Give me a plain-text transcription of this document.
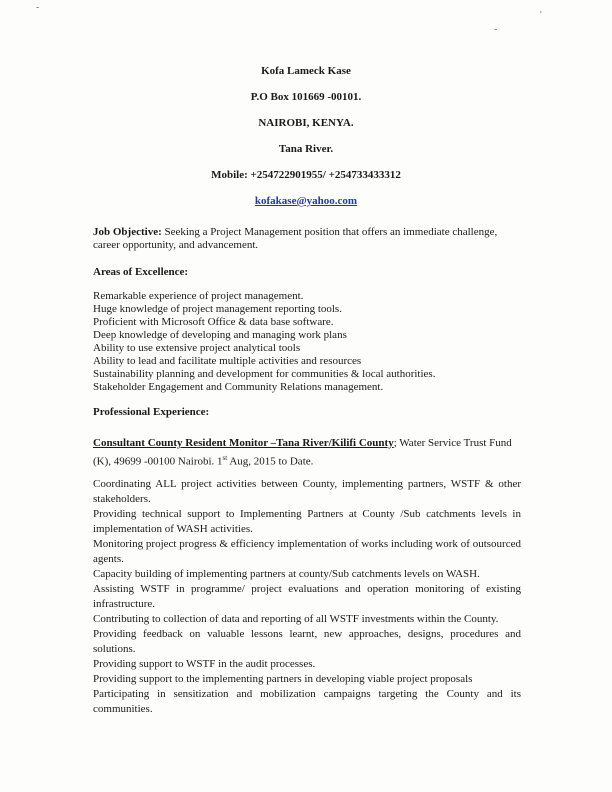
-
-
'
Kofa Lameck Kase
P.O Box 101669 -00101.
NAIROBI, KENYA.
Tana River.
Mobile: +254722901955/ +254733433312
kofakase@yahoo.com
Job Objective: Seeking a Project Management position that offers an immediate challenge, career opportunity, and advancement.
Areas of Excellence:
Remarkable experience of project management.
Huge knowledge of project management reporting tools.
Proficient with Microsoft Office & data base software.
Deep knowledge of developing and managing work plans
Ability to use extensive project analytical tools
Ability to lead and facilitate multiple activities and resources
Sustainability planning and development for communities & local authorities.
Stakeholder Engagement and Community Relations management.
Professional Experience:
Consultant County Resident Monitor –Tana River/Kilifi County; Water Service Trust Fund (K), 49699 -00100 Nairobi. 1st Aug, 2015 to Date.
Coordinating ALL project activities between County, implementing partners, WSTF & other stakeholders.
Providing technical support to Implementing Partners at County /Sub catchments levels in implementation of WASH activities.
Monitoring project progress & efficiency implementation of works including work of outsourced agents.
Capacity building of implementing partners at county/Sub catchments levels on WASH.
Assisting WSTF in programme/ project evaluations and operation monitoring of existing infrastructure.
Contributing to collection of data and reporting of all WSTF investments within the County.
Providing feedback on valuable lessons learnt, new approaches, designs, procedures and solutions.
Providing support to WSTF in the audit processes.
Providing support to the implementing partners in developing viable project proposals
Participating in sensitization and mobilization campaigns targeting the County and its communities.
